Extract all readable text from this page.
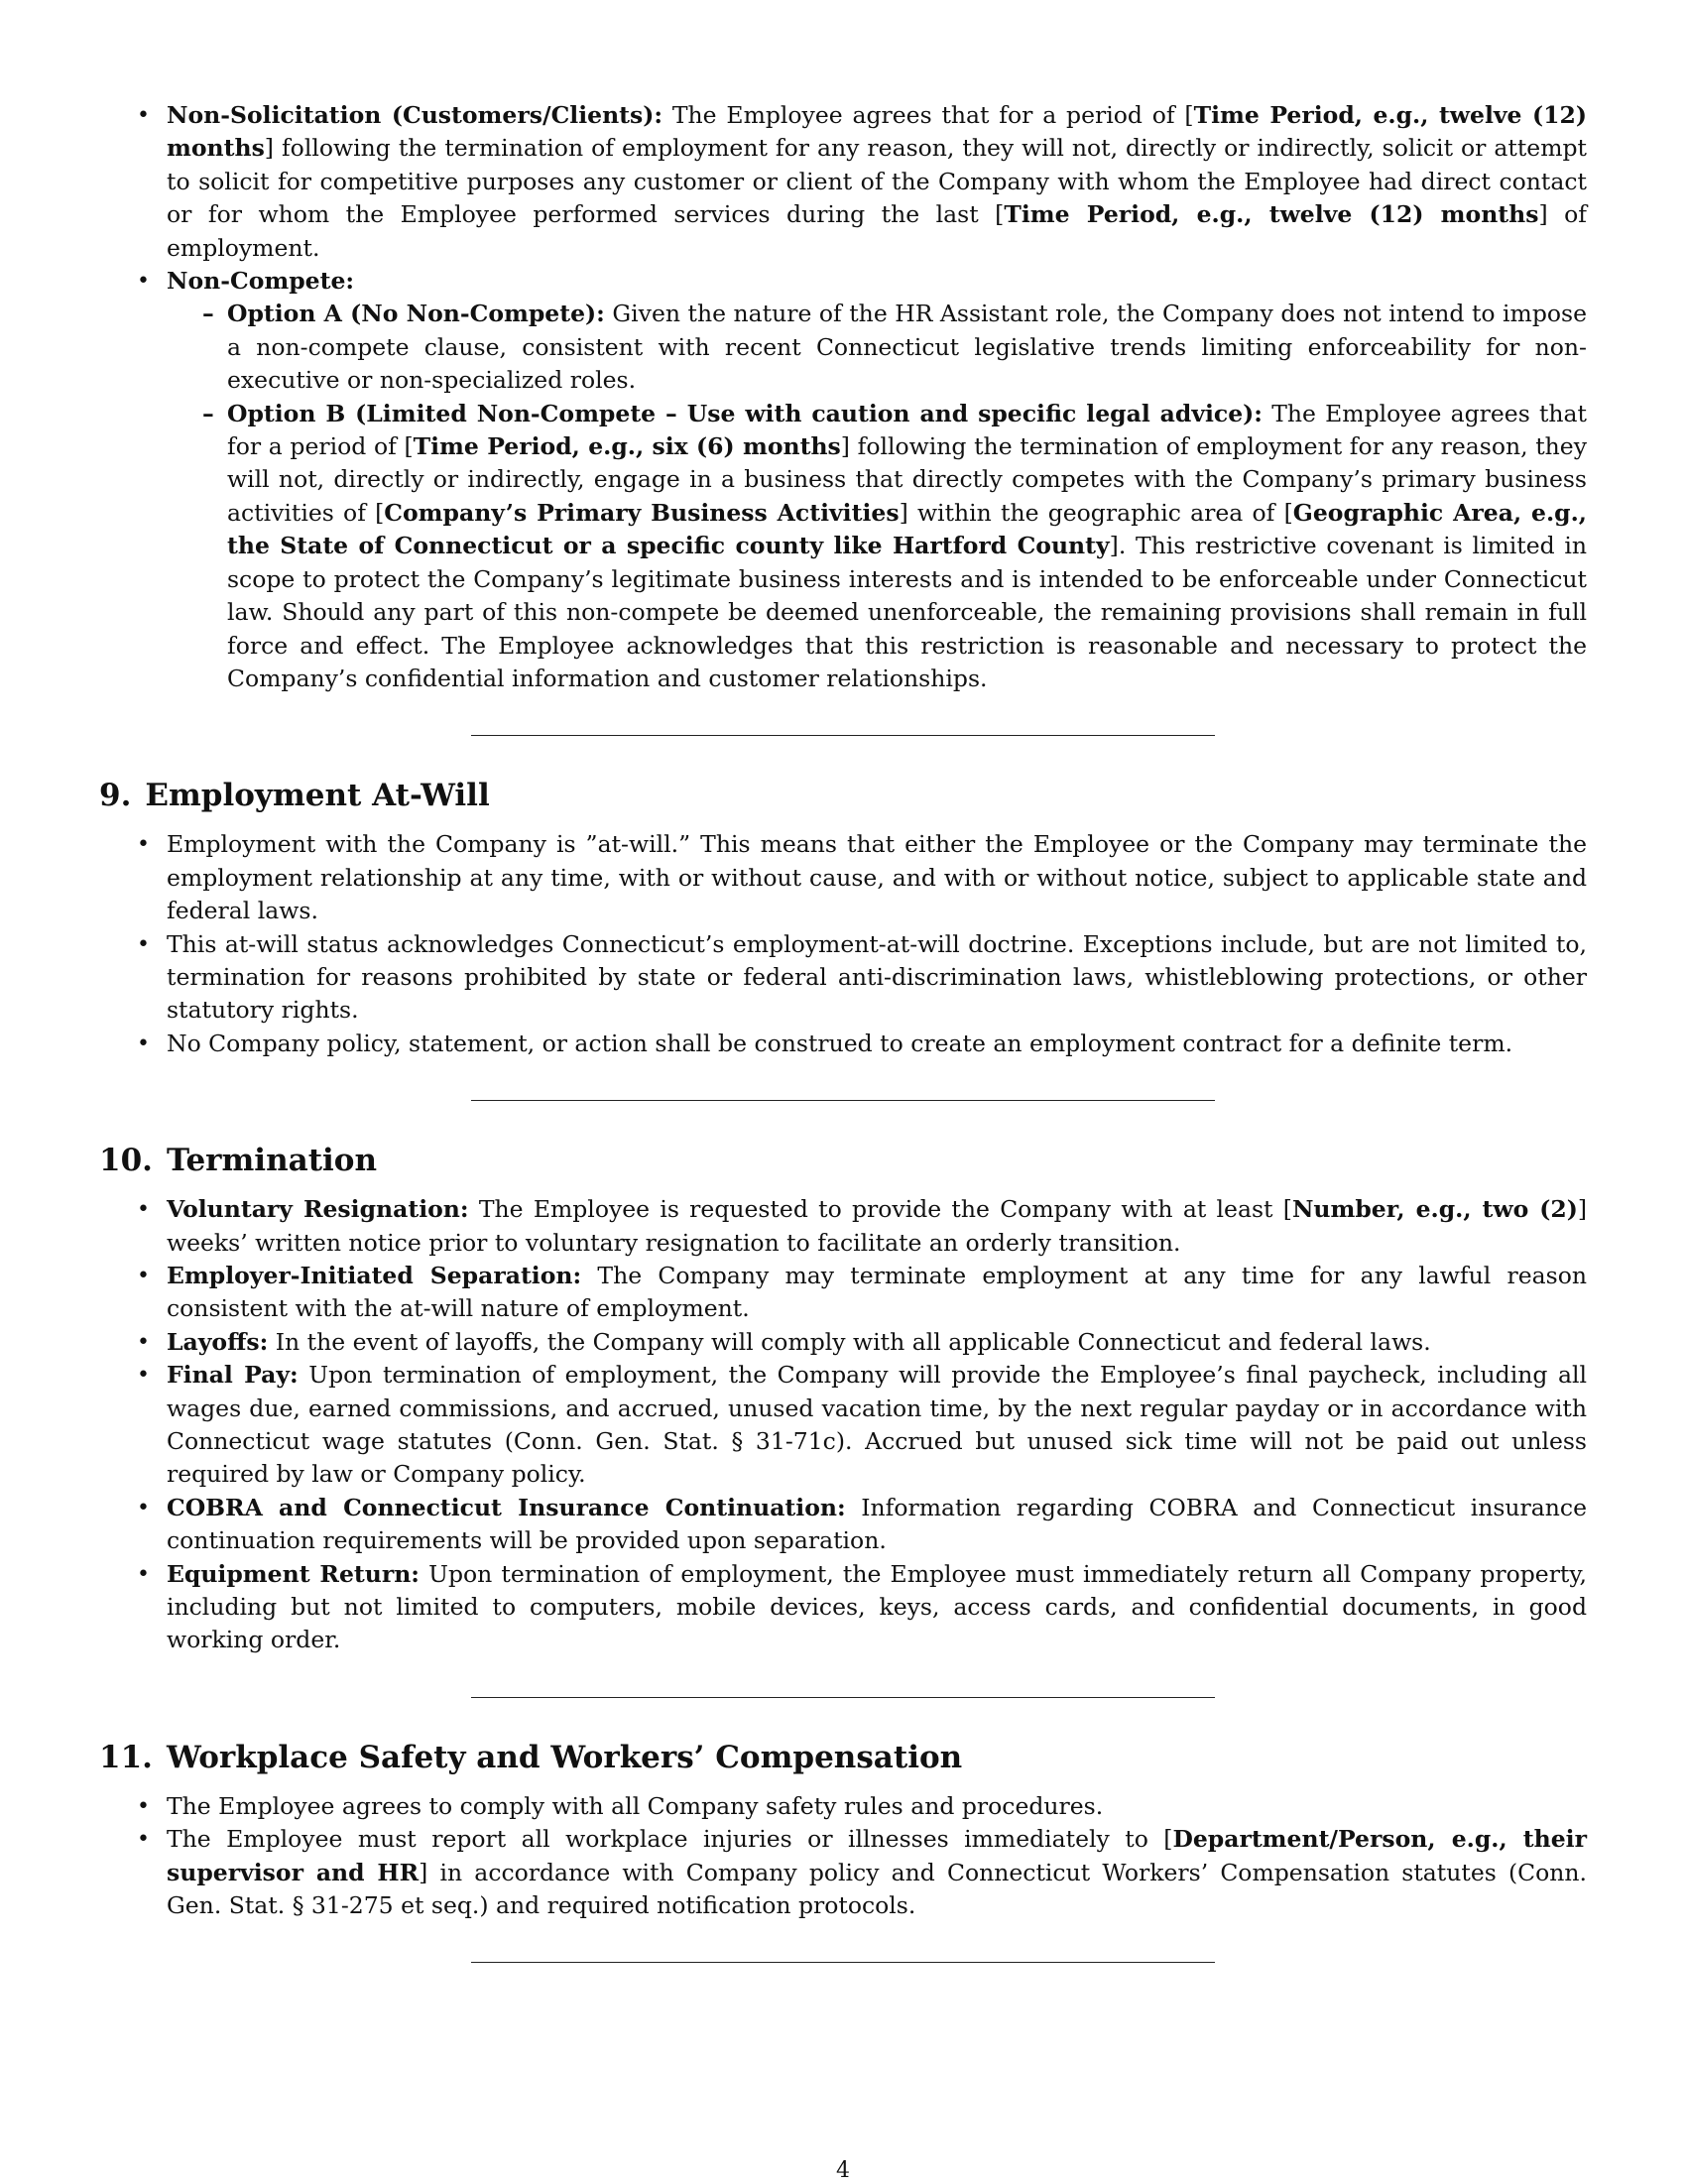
• Non-Solicitation (Customers/Clients): The Employee agrees that for a period of [Time Period, e.g., twelve (12) months] following the termination of employment for any reason, they will not, directly or indirectly, solicit or attempt to solicit for competitive purposes any customer or client of the Company with whom the Employee had direct contact or for whom the Employee performed services during the last [Time Period, e.g., twelve (12) months] of employment.
• Non-Compete:
– Option A (No Non-Compete): Given the nature of the HR Assistant role, the Company does not intend to impose a non-compete clause, consistent with recent Connecticut legislative trends limiting enforceability for non-executive or non-specialized roles.
– Option B (Limited Non-Compete – Use with caution and specific legal advice): The Employee agrees that for a period of [Time Period, e.g., six (6) months] following the termination of employment for any reason, they will not, directly or indirectly, engage in a business that directly competes with the Company’s primary business activities of [Company’s Primary Business Activities] within the geographic area of [Geographic Area, e.g., the State of Connecticut or a specific county like Hartford County]. This restrictive covenant is limited in scope to protect the Company’s legitimate business interests and is intended to be enforceable under Connecticut law. Should any part of this non-compete be deemed unenforceable, the remaining provisions shall remain in full force and effect. The Employee acknowledges that this restriction is reasonable and necessary to protect the Company’s confidential information and customer relationships.
9. Employment At-Will
• Employment with the Company is ”at-will.” This means that either the Employee or the Company may terminate the employment relationship at any time, with or without cause, and with or without notice, subject to applicable state and federal laws.
• This at-will status acknowledges Connecticut’s employment-at-will doctrine. Exceptions include, but are not limited to, termination for reasons prohibited by state or federal anti-discrimination laws, whistleblowing protections, or other statutory rights.
• No Company policy, statement, or action shall be construed to create an employment contract for a definite term.
10. Termination
• Voluntary Resignation: The Employee is requested to provide the Company with at least [Number, e.g., two (2)] weeks’ written notice prior to voluntary resignation to facilitate an orderly transition.
• Employer-Initiated Separation: The Company may terminate employment at any time for any lawful reason consistent with the at-will nature of employment.
• Layoffs: In the event of layoffs, the Company will comply with all applicable Connecticut and federal laws.
• Final Pay: Upon termination of employment, the Company will provide the Employee’s final paycheck, including all wages due, earned commissions, and accrued, unused vacation time, by the next regular payday or in accordance with Connecticut wage statutes (Conn. Gen. Stat. § 31-71c). Accrued but unused sick time will not be paid out unless required by law or Company policy.
• COBRA and Connecticut Insurance Continuation: Information regarding COBRA and Connecticut insurance continuation requirements will be provided upon separation.
• Equipment Return: Upon termination of employment, the Employee must immediately return all Company property, including but not limited to computers, mobile devices, keys, access cards, and confidential documents, in good working order.
11. Workplace Safety and Workers’ Compensation
• The Employee agrees to comply with all Company safety rules and procedures.
• The Employee must report all workplace injuries or illnesses immediately to [Department/Person, e.g., their supervisor and HR] in accordance with Company policy and Connecticut Workers’ Compensation statutes (Conn. Gen. Stat. § 31-275 et seq.) and required notification protocols.
4
